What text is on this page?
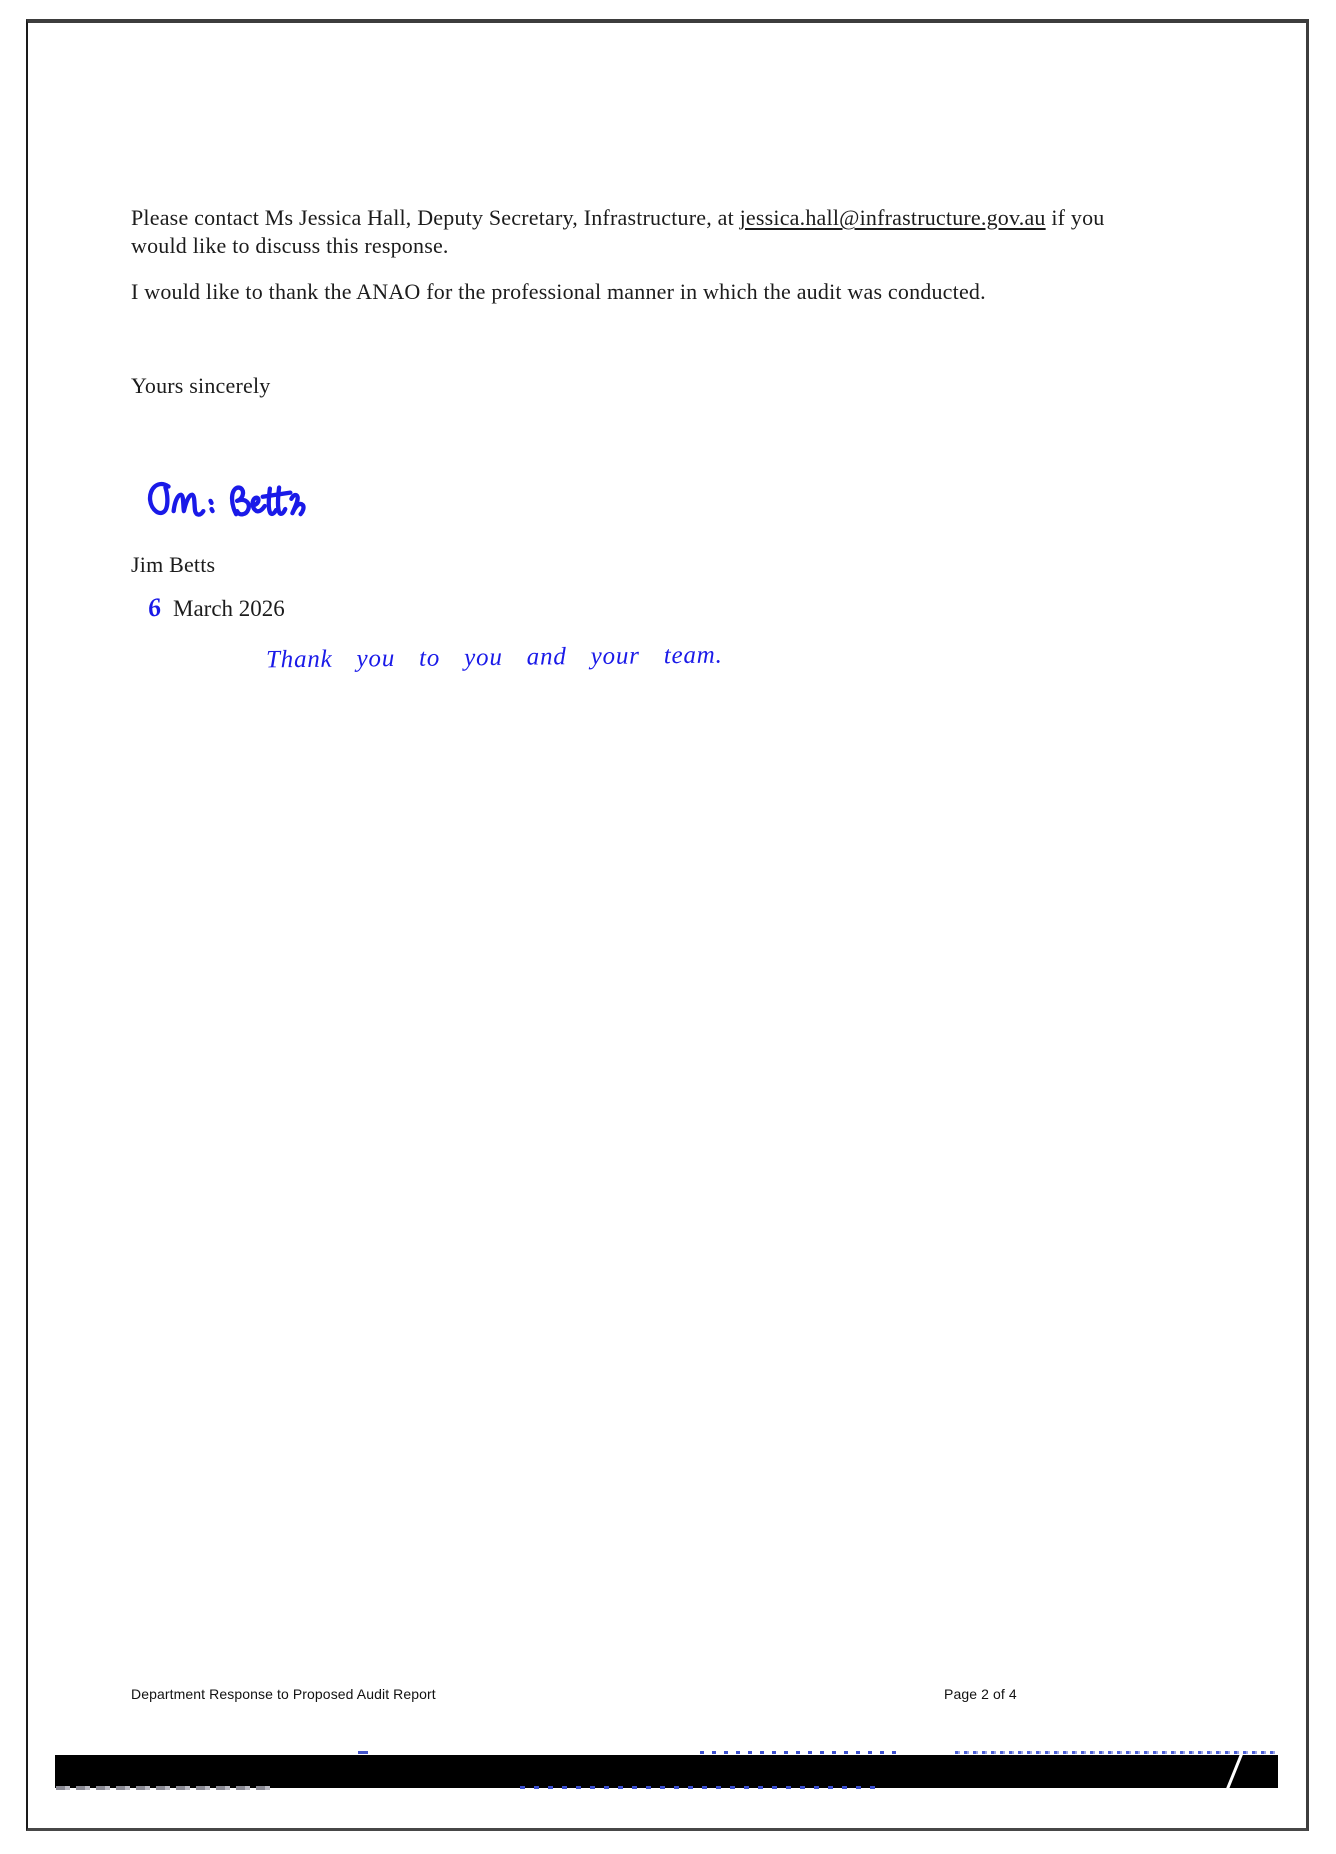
Please contact Ms Jessica Hall, Deputy Secretary, Infrastructure, at jessica.hall@infrastructure.gov.au if you would like to discuss this response.

I would like to thank the ANAO for the professional manner in which the audit was conducted.

Yours sincerely

Jim Betts

6 March 2026
Thank you to you and your team.
Department Response to Proposed Audit Report	Page 2 of 4
